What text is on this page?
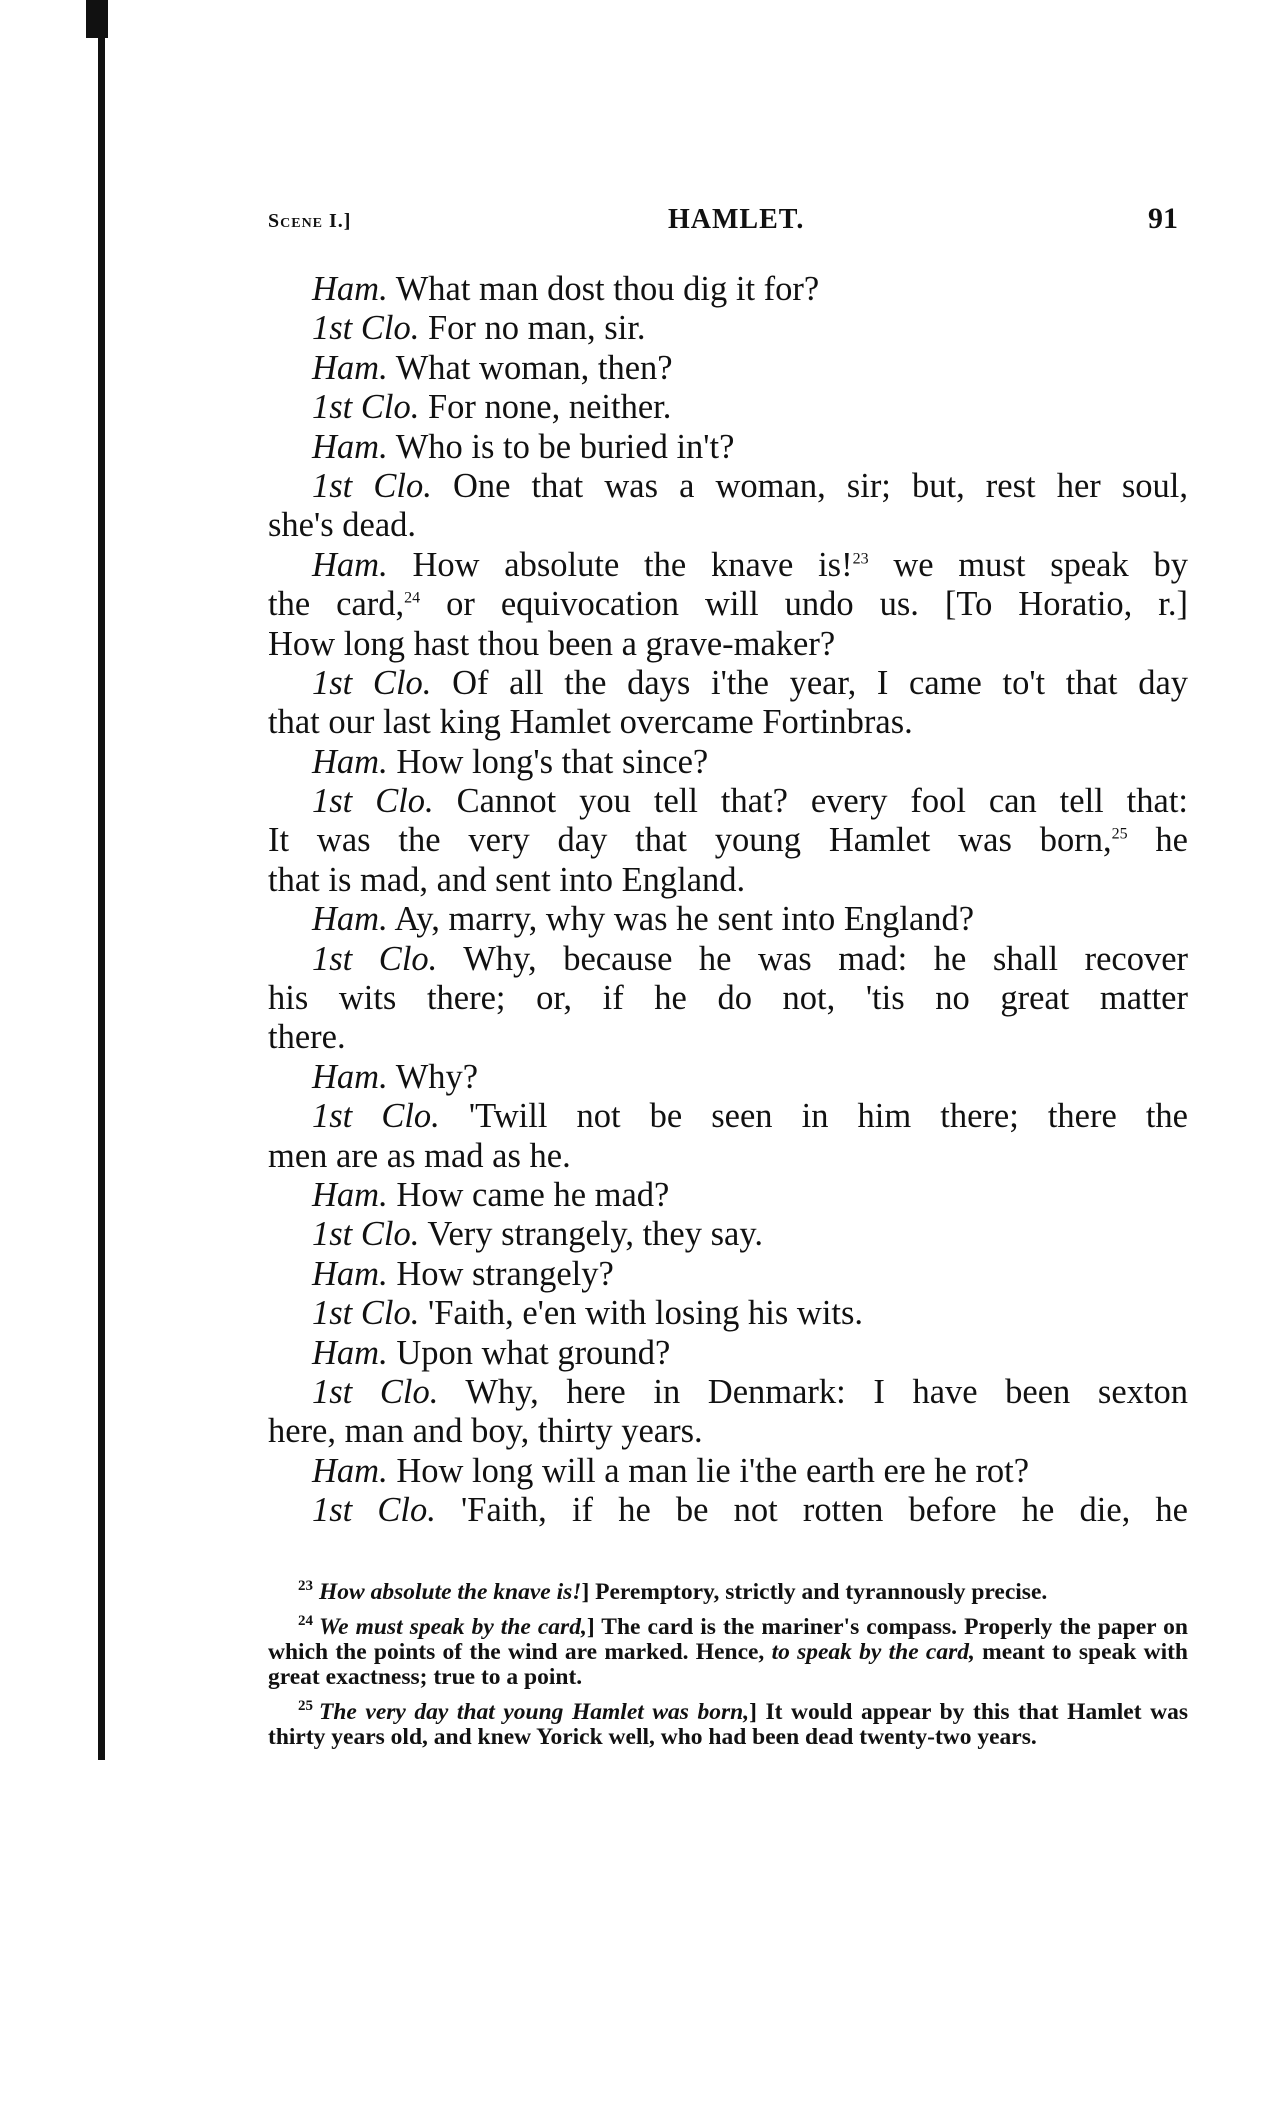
Scene I.]	HAMLET.	91
Ham. What man dost thou dig it for?
1st Clo. For no man, sir.
Ham. What woman, then?
1st Clo. For none, neither.
Ham. Who is to be buried in't?
1st Clo. One that was a woman, sir; but, rest her soul,
she's dead.
Ham. How absolute the knave is!$^{23}$ we must speak by
the card,$^{24}$ or equivocation will undo us. [To Horatio, r.]
How long hast thou been a grave-maker?
1st Clo. Of all the days i'the year, I came to't that day
that our last king Hamlet overcame Fortinbras.
Ham. How long's that since?
1st Clo. Cannot you tell that? every fool can tell that:
It was the very day that young Hamlet was born,$^{25}$ he
that is mad, and sent into England.
Ham. Ay, marry, why was he sent into England?
1st Clo. Why, because he was mad: he shall recover
his wits there; or, if he do not, 'tis no great matter
there.
Ham. Why?
1st Clo. 'Twill not be seen in him there; there the
men are as mad as he.
Ham. How came he mad?
1st Clo. Very strangely, they say.
Ham. How strangely?
1st Clo. 'Faith, e'en with losing his wits.
Ham. Upon what ground?
1st Clo. Why, here in Denmark: I have been sexton
here, man and boy, thirty years.
Ham. How long will a man lie i'the earth ere he rot?
1st Clo. 'Faith, if he be not rotten before he die, he

$^{23}$ How absolute the knave is!] Peremptory, strictly and tyrannously precise.

$^{24}$ We must speak by the card,] The card is the mariner's compass. Properly the paper on which the points of the wind are marked. Hence, to speak by the card, meant to speak with great exactness; true to a point.

$^{25}$ The very day that young Hamlet was born,] It would appear by this that Hamlet was thirty years old, and knew Yorick well, who had been dead twenty-two years.
